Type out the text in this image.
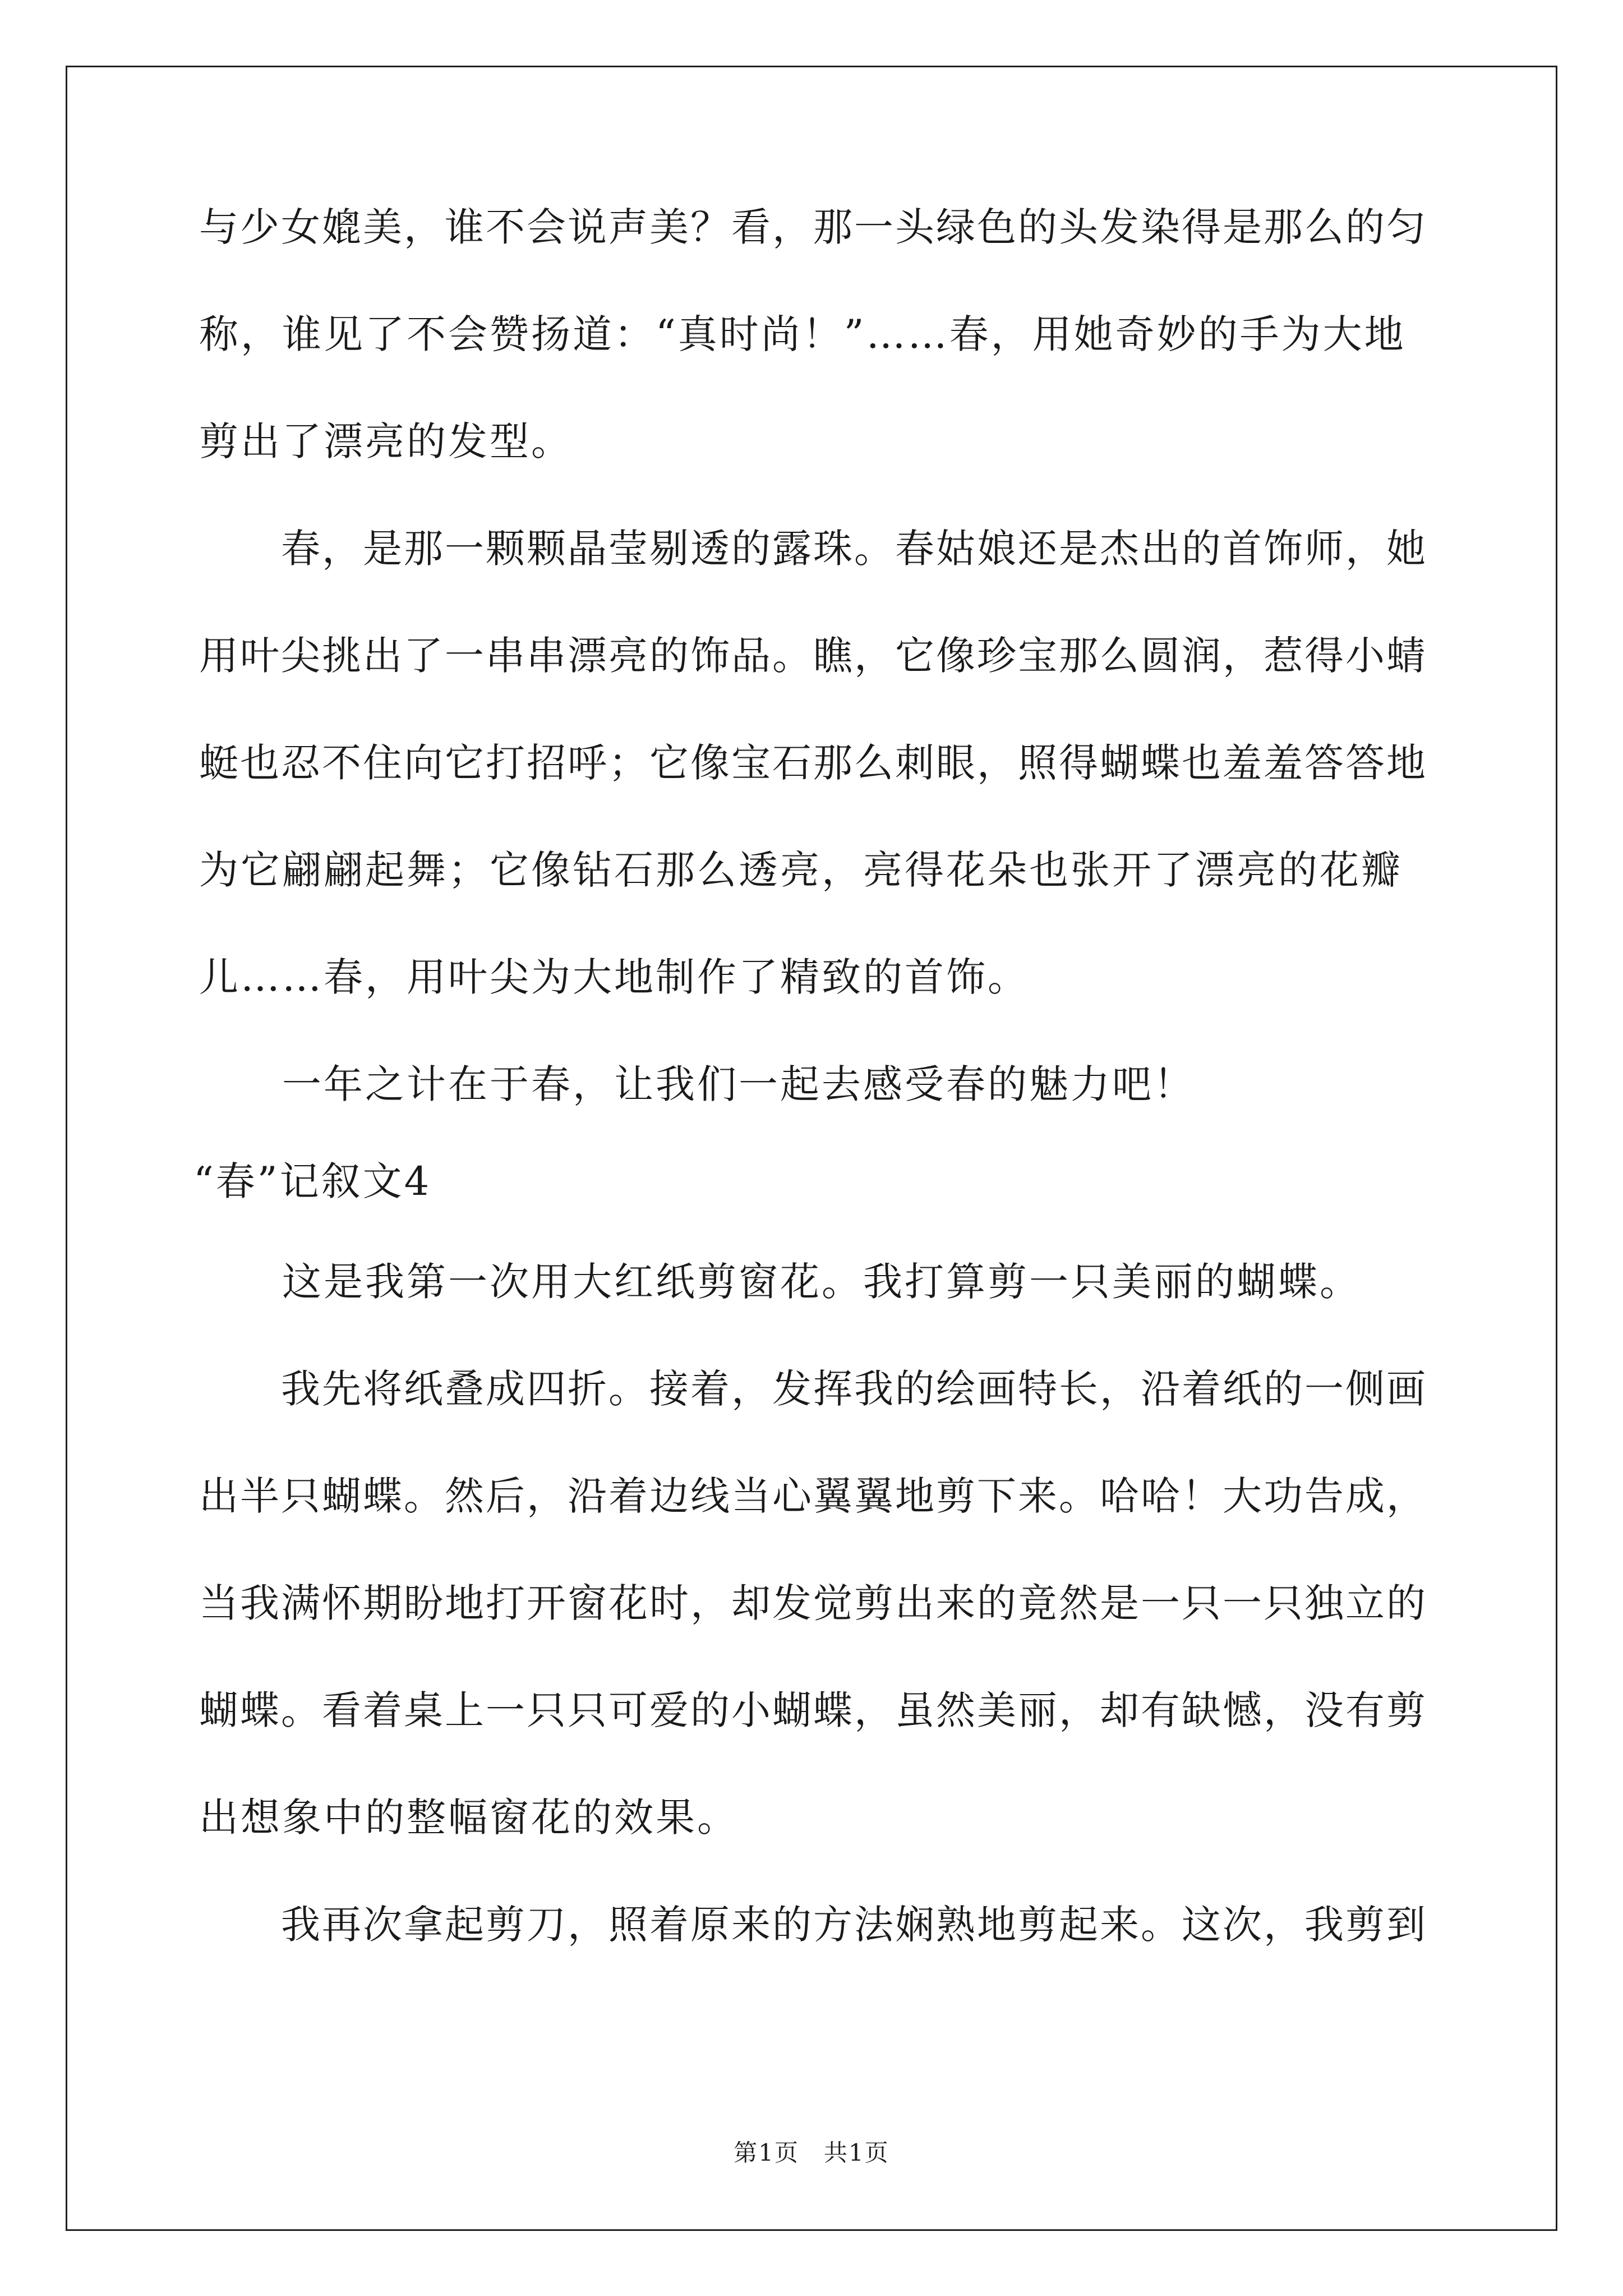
与少女媲美，谁不会说声美？看，那一头绿色的头发染得是那么的匀
称，谁见了不会赞扬道：“真时尚！”……春，用她奇妙的手为大地
剪出了漂亮的发型。
　　春，是那一颗颗晶莹剔透的露珠。春姑娘还是杰出的首饰师，她
用叶尖挑出了一串串漂亮的饰品。瞧，它像珍宝那么圆润，惹得小蜻
蜓也忍不住向它打招呼；它像宝石那么刺眼，照得蝴蝶也羞羞答答地
为它翩翩起舞；它像钻石那么透亮，亮得花朵也张开了漂亮的花瓣
儿……春，用叶尖为大地制作了精致的首饰。
　　一年之计在于春，让我们一起去感受春的魅力吧！
“春”记叙文4
　　这是我第一次用大红纸剪窗花。我打算剪一只美丽的蝴蝶。
　　我先将纸叠成四折。接着，发挥我的绘画特长，沿着纸的一侧画
出半只蝴蝶。然后，沿着边线当心翼翼地剪下来。哈哈！大功告成，
当我满怀期盼地打开窗花时，却发觉剪出来的竟然是一只一只独立的
蝴蝶。看着桌上一只只可爱的小蝴蝶，虽然美丽，却有缺憾，没有剪
出想象中的整幅窗花的效果。
　　我再次拿起剪刀，照着原来的方法娴熟地剪起来。这次，我剪到
第1页　共1页
